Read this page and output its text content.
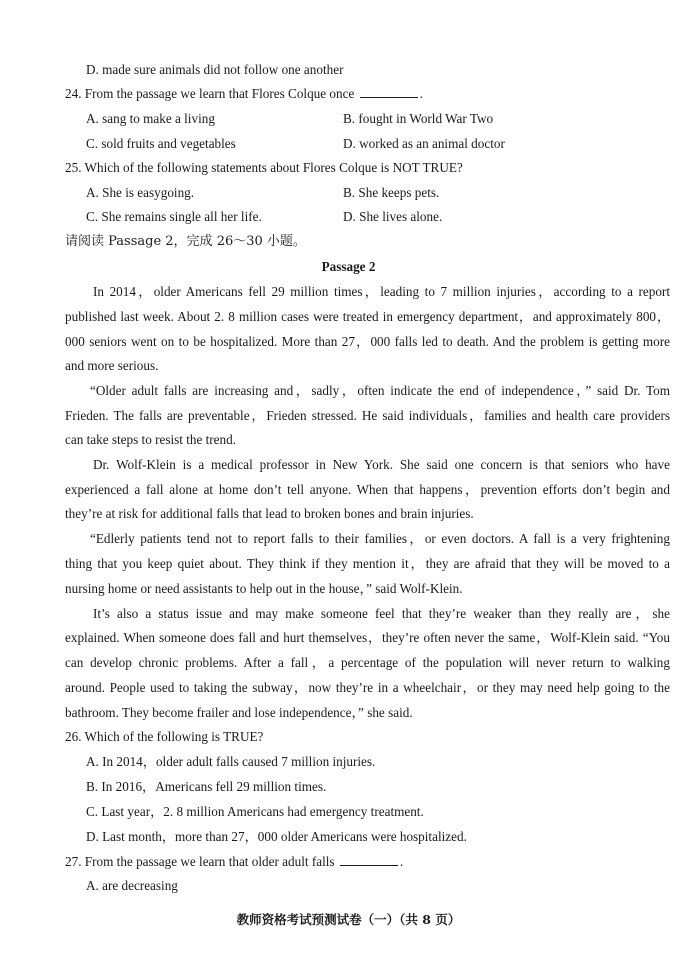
D. made sure animals did not follow one another
24. From the passage we learn that Flores Colque once	.
A. sang to make a living	B. fought in World War Two
C. sold fruits and vegetables	D. worked as an animal doctor
25. Which of the following statements about Flores Colque is NOT TRUE?
A. She is easygoing.	B. She keeps pets.
C. She remains single all her life.	D. She lives alone.
请阅读 Passage 2，完成 26～30 小题。
Passage 2
In 2014，older Americans fell 29 million times，leading to 7 million injuries，according to a report
published last week. About 2. 8 million cases were treated in emergency department，and approximately 800，
000 seniors went on to be hospitalized. More than 27，000 falls led to death. And the problem is getting more
and more serious.
“Older adult falls are increasing and，sadly，often indicate the end of independence，” said Dr. Tom
Frieden. The falls are preventable，Frieden stressed. He said individuals，families and health care providers
can take steps to resist the trend.
Dr. Wolf-Klein is a medical professor in New York. She said one concern is that seniors who have
experienced a fall alone at home don’t tell anyone. When that happens，prevention efforts don’t begin and
they’re at risk for additional falls that lead to broken bones and brain injuries.
“Edlerly patients tend not to report falls to their families，or even doctors. A fall is a very frightening
thing that you keep quiet about. They think if they mention it，they are afraid that they will be moved to a
nursing home or need assistants to help out in the house，” said Wolf-Klein.
It’s also a status issue and may make someone feel that they’re weaker than they really are，she
explained. When someone does fall and hurt themselves，they’re often never the same，Wolf-Klein said. “You
can develop chronic problems. After a fall，a percentage of the population will never return to walking
around. People used to taking the subway，now they’re in a wheelchair，or they may need help going to the
bathroom. They become frailer and lose independence，” she said.
26. Which of the following is TRUE?
A. In 2014，older adult falls caused 7 million injuries.
B. In 2016，Americans fell 29 million times.
C. Last year，2. 8 million Americans had emergency treatment.
D. Last month，more than 27，000 older Americans were hospitalized.
27. From the passage we learn that older adult falls	.
A. are decreasing
教师资格考试预测试卷（一）（共 8 页）
